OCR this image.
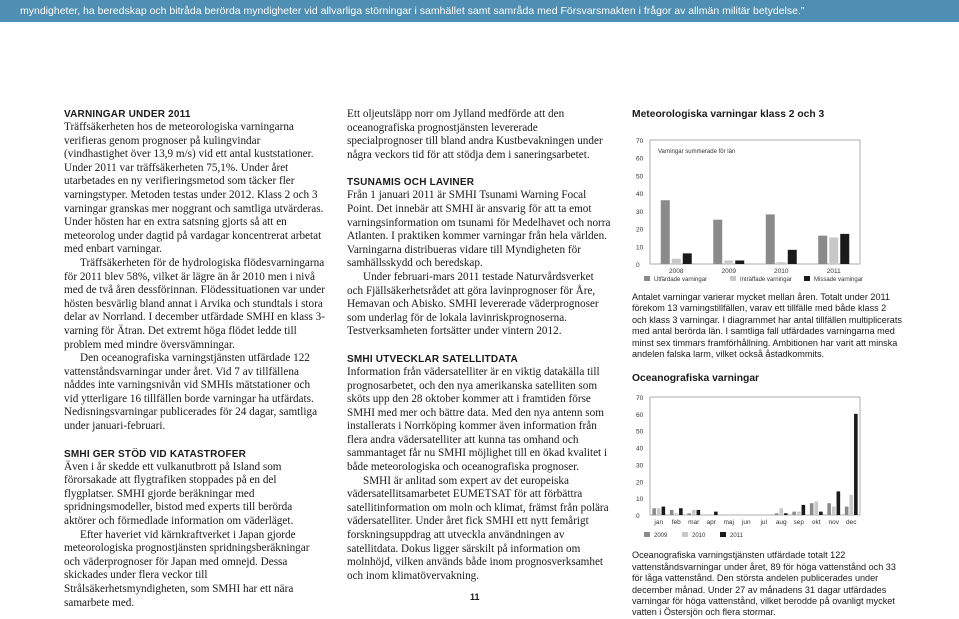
myndigheter, ha beredskap och bitråda berörda myndigheter vid allvarliga störningar i samhället samt samråda med Försvarsmakten i frågor av allmän militär betydelse.”

VARNINGAR UNDER 2011

Träffsäkerheten hos de meteorologiska varningarna verifieras genom prognoser på kulingvindar (vindhastighet över 13,9 m/s) vid ett antal kuststationer. Under 2011 var träffsäkerheten 75,1%. Under året utarbetades en ny verifieringsmetod som täcker fler varningstyper. Metoden testas under 2012. Klass 2 och 3 varningar granskas mer noggrant och samtliga utvärderas. Under hösten har en extra satsning gjorts så att en meteorolog under dagtid på vardagar koncentrerat arbetat med enbart varningar.

Träffsäkerheten för de hydrologiska flödesvarningarna för 2011 blev 58%, vilket är lägre än år 2010 men i nivå med de två åren dessförinnan. Flödessituationen var under hösten besvärlig bland annat i Arvika och stundtals i stora delar av Norrland. I december utfärdade SMHI en klass 3-varning för Ätran. Det extremt höga flödet ledde till problem med mindre översvämningar.

Den oceanografiska varningstjänsten utfärdade 122 vattenståndsvarningar under året. Vid 7 av tillfällena nåddes inte varningsnivån vid SMHIs mätstationer och vid ytterligare 16 tillfällen borde varningar ha utfärdats. Nedisningsvarningar publicerades för 24 dagar, samtliga under januari-februari.

SMHI GER STÖD VID KATASTROFER

Även i år skedde ett vulkanutbrott på Island som förorsakade att flygtrafiken stoppades på en del flygplatser. SMHI gjorde beräkningar med spridningsmodeller, bistod med experts till berörda aktörer och förmedlade information om väderläget.

Efter haveriet vid kärnkraftverket i Japan gjorde meteorologiska prognostjänsten spridningsberäkningar och väderprognoser för Japan med omnejd. Dessa skickades under flera veckor till Strålsäkerhetsmyndigheten, som SMHI har ett nära samarbete med.

Ett oljeutsläpp norr om Jylland medförde att den oceanografiska prognostjänsten levererade specialprognoser till bland andra Kustbevakningen under några veckors tid för att stödja dem i saneringsarbetet.

TSUNAMIS OCH LAVINER

Från 1 januari 2011 är SMHI Tsunami Warning Focal Point. Det innebär att SMHI är ansvarig för att ta emot varningsinformation om tsunami för Medelhavet och norra Atlanten. I praktiken kommer varningar från hela världen. Varningarna distribueras vidare till Myndigheten för samhällsskydd och beredskap.

Under februari-mars 2011 testade Naturvårdsverket och Fjällsäkerhetsrådet att göra lavinprognoser för Åre, Hemavan och Abisko. SMHI levererade väderprognoser som underlag för de lokala lavinriskprognoserna. Testverksamheten fortsätter under vintern 2012.

SMHI UTVECKLAR SATELLITDATA

Information från vädersatelliter är en viktig datakälla till prognosarbetet, och den nya amerikanska satelliten som sköts upp den 28 oktober kommer att i framtiden förse SMHI med mer och bättre data. Med den nya antenn som installerats i Norrköping kommer även information från flera andra vädersatelliter att kunna tas omhand och sammantaget får nu SMHI möjlighet till en ökad kvalitet i både meteorologiska och oceanografiska prognoser.

SMHI är anlitad som expert av det europeiska vädersatellitsamarbetet EUMETSAT för att förbättra satellitinformation om moln och klimat, främst från polära vädersatelliter. Under året fick SMHI ett nytt femårigt forskningsuppdrag att utveckla användningen av satellitdata. Dokus ligger särskilt på information om molnhöjd, vilken används både inom prognosverksamhet och inom klimatövervakning.

Meteorologiska varningar klass 2 och 3

0
10
20
30
40
50
60
70
Varningar summerade för län
2008	2009	2010	2011
Utfärdade varningar	Inträffade varningar	Missade varningar

Antalet varningar varierar mycket mellan åren. Totalt under 2011 förekom 13 varningstillfällen, varav ett tillfälle med både klass 2 och klass 3 varningar. I diagrammet har antal tillfällen multiplicerats med antal berörda län. I samtliga fall utfärdades varningarna med minst sex timmars framförhållning. Ambitionen har varit att minska andelen falska larm, vilket också åstadkommits.

Oceanografiska varningar

0
10
20
30
40
50
60
70
jan feb mar apr maj jun jul aug sep okt nov dec
2009	2010	2011

Oceanografiska varningstjänsten utfärdade totalt 122 vattenståndsvarningar under året, 89 för höga vattenstånd och 33 för låga vattenstånd. Den största andelen publicerades under december månad. Under 27 av månadens 31 dagar utfärdades varningar för höga vattenstånd, vilket berodde på ovanligt mycket vatten i Östersjön och flera stormar.

11
